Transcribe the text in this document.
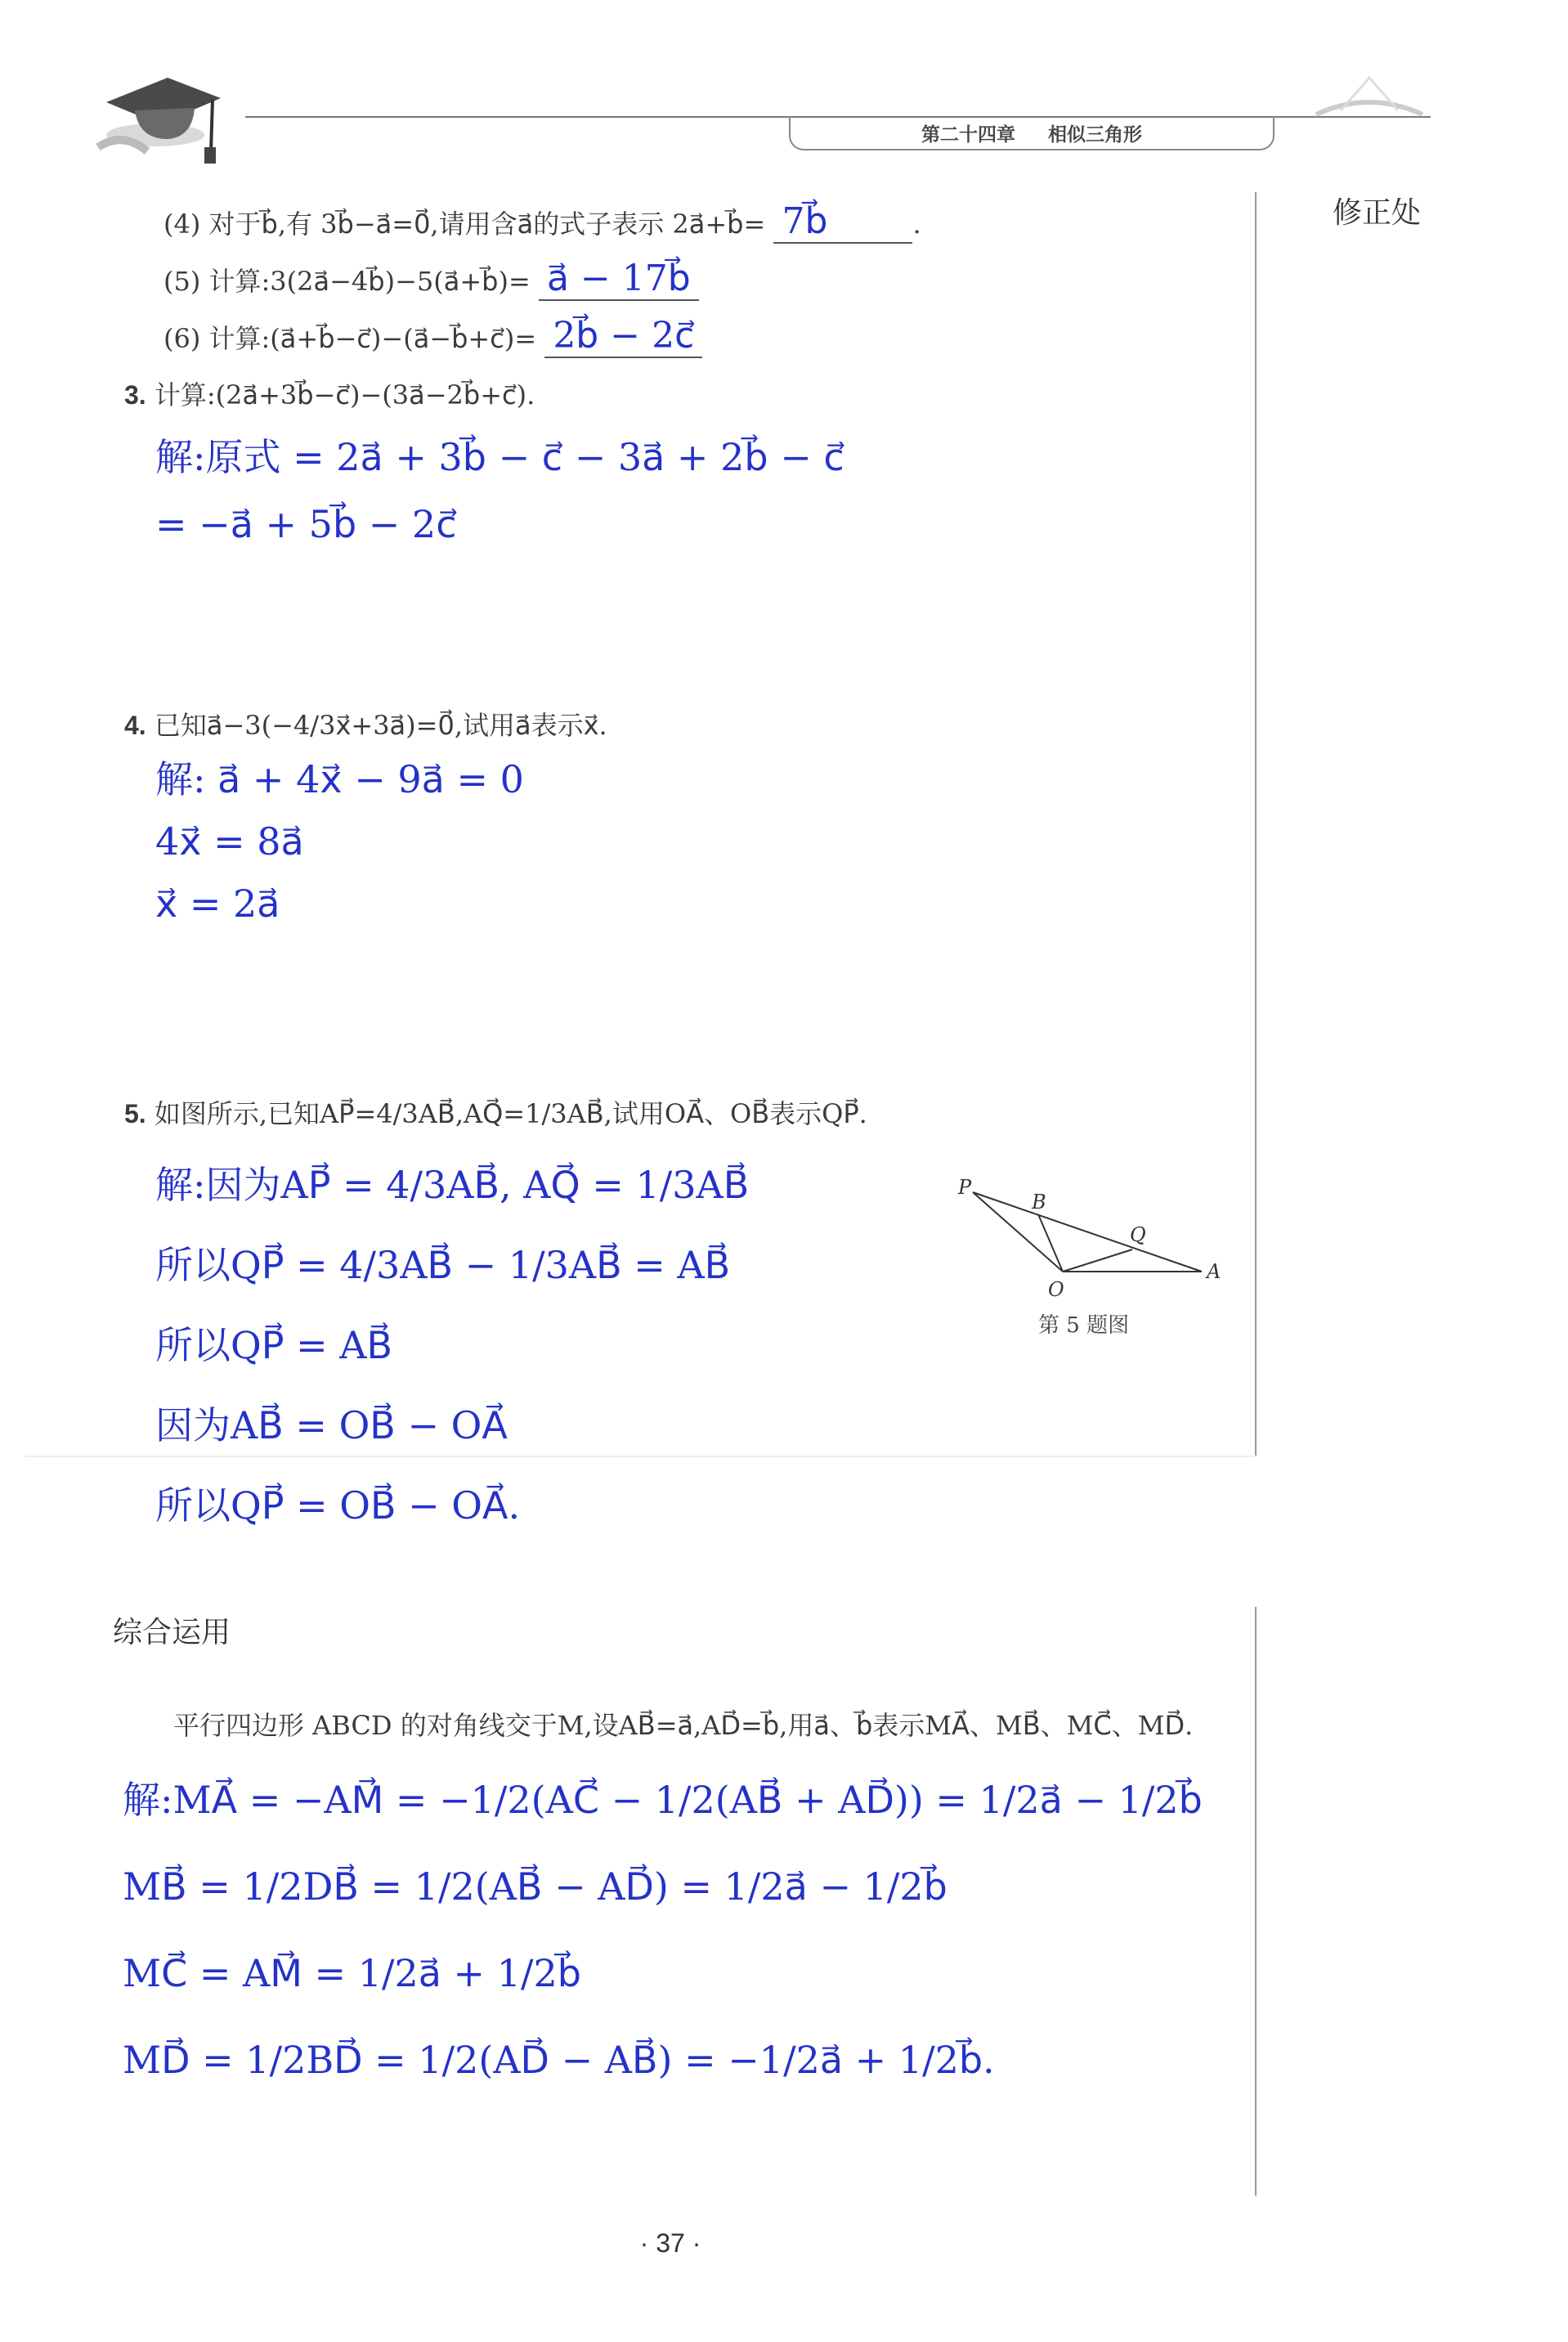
第二十四章 相似三角形
修正处
(4) 对于b⃗,有 3b⃗−a⃗=0⃗,请用含a⃗的式子表示 2a⃗+b⃗= 7b⃗	.
(5) 计算:3(2a⃗−4b⃗)−5(a⃗+b⃗)= a⃗ − 17b⃗
(6) 计算:(a⃗+b⃗−c⃗)−(a⃗−b⃗+c⃗)= 2b⃗ − 2c⃗
3. 计算:(2a⃗+3b⃗−c⃗)−(3a⃗−2b⃗+c⃗).
解:原式 = 2a⃗ + 3b⃗ − c⃗ − 3a⃗ + 2b⃗ − c⃗
= −a⃗ + 5b⃗ − 2c⃗
4. 已知a⃗−3(−4/3x⃗+3a⃗)=0⃗,试用a⃗表示x⃗.
解: a⃗ + 4x⃗ − 9a⃗ = 0
4x⃗ = 8a⃗
x⃗ = 2a⃗
5. 如图所示,已知AP⃗=4/3AB⃗,AQ⃗=1/3AB⃗,试用OA⃗、OB⃗表示QP⃗.
解:因为AP⃗ = 4/3AB⃗, AQ⃗ = 1/3AB⃗
所以QP⃗ = 4/3AB⃗ − 1/3AB⃗ = AB⃗
所以QP⃗ = AB⃗
因为AB⃗ = OB⃗ − OA⃗
所以QP⃗ = OB⃗ − OA⃗.
P
B
Q
O
A
第 5 题图
综合运用
平行四边形 ABCD 的对角线交于M,设AB⃗=a⃗,AD⃗=b⃗,用a⃗、b⃗表示MA⃗、MB⃗、MC⃗、MD⃗.
解:MA⃗ = −AM⃗ = −1/2(AC⃗ − 1/2(AB⃗ + AD⃗)) = 1/2a⃗ − 1/2b⃗
MB⃗ = 1/2DB⃗ = 1/2(AB⃗ − AD⃗) = 1/2a⃗ − 1/2b⃗
MC⃗ = AM⃗ = 1/2a⃗ + 1/2b⃗
MD⃗ = 1/2BD⃗ = 1/2(AD⃗ − AB⃗) = −1/2a⃗ + 1/2b⃗.
· 37 ·
